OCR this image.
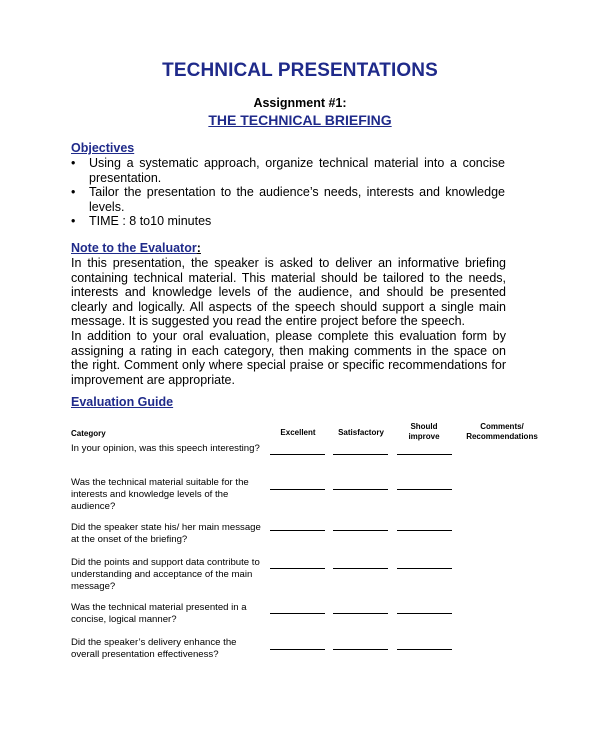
TECHNICAL PRESENTATIONS
Assignment #1:
THE TECHNICAL BRIEFING
Objectives
• Using a systematic approach, organize technical material into a concise presentation.
• Tailor the presentation to the audience’s needs, interests and knowledge levels.
• TIME : 8 to10 minutes
Note to the Evaluator:

In this presentation, the speaker is asked to deliver an informative briefing containing technical material. This material should be tailored to the needs, interests and knowledge levels of the audience, and should be presented clearly and logically. All aspects of the speech should support a single main message. It is suggested you read the entire project before the speech.

In addition to your oral evaluation, please complete this evaluation form by assigning a rating in each category, then making comments in the space on the right. Comment only where special praise or specific recommendations for improvement are appropriate.

Evaluation Guide
Category	Excellent	Satisfactory
Should improve
Comments/ Recommendations
In your opinion, was this speech interesting?
Was the technical material suitable for the interests and knowledge levels of the audience?
Did the speaker state his/ her main message at the onset of the briefing?
Did the points and support data contribute to understanding and acceptance of the main message?
Was the technical material presented in a concise, logical manner?
Did the speaker’s delivery enhance the overall presentation effectiveness?
